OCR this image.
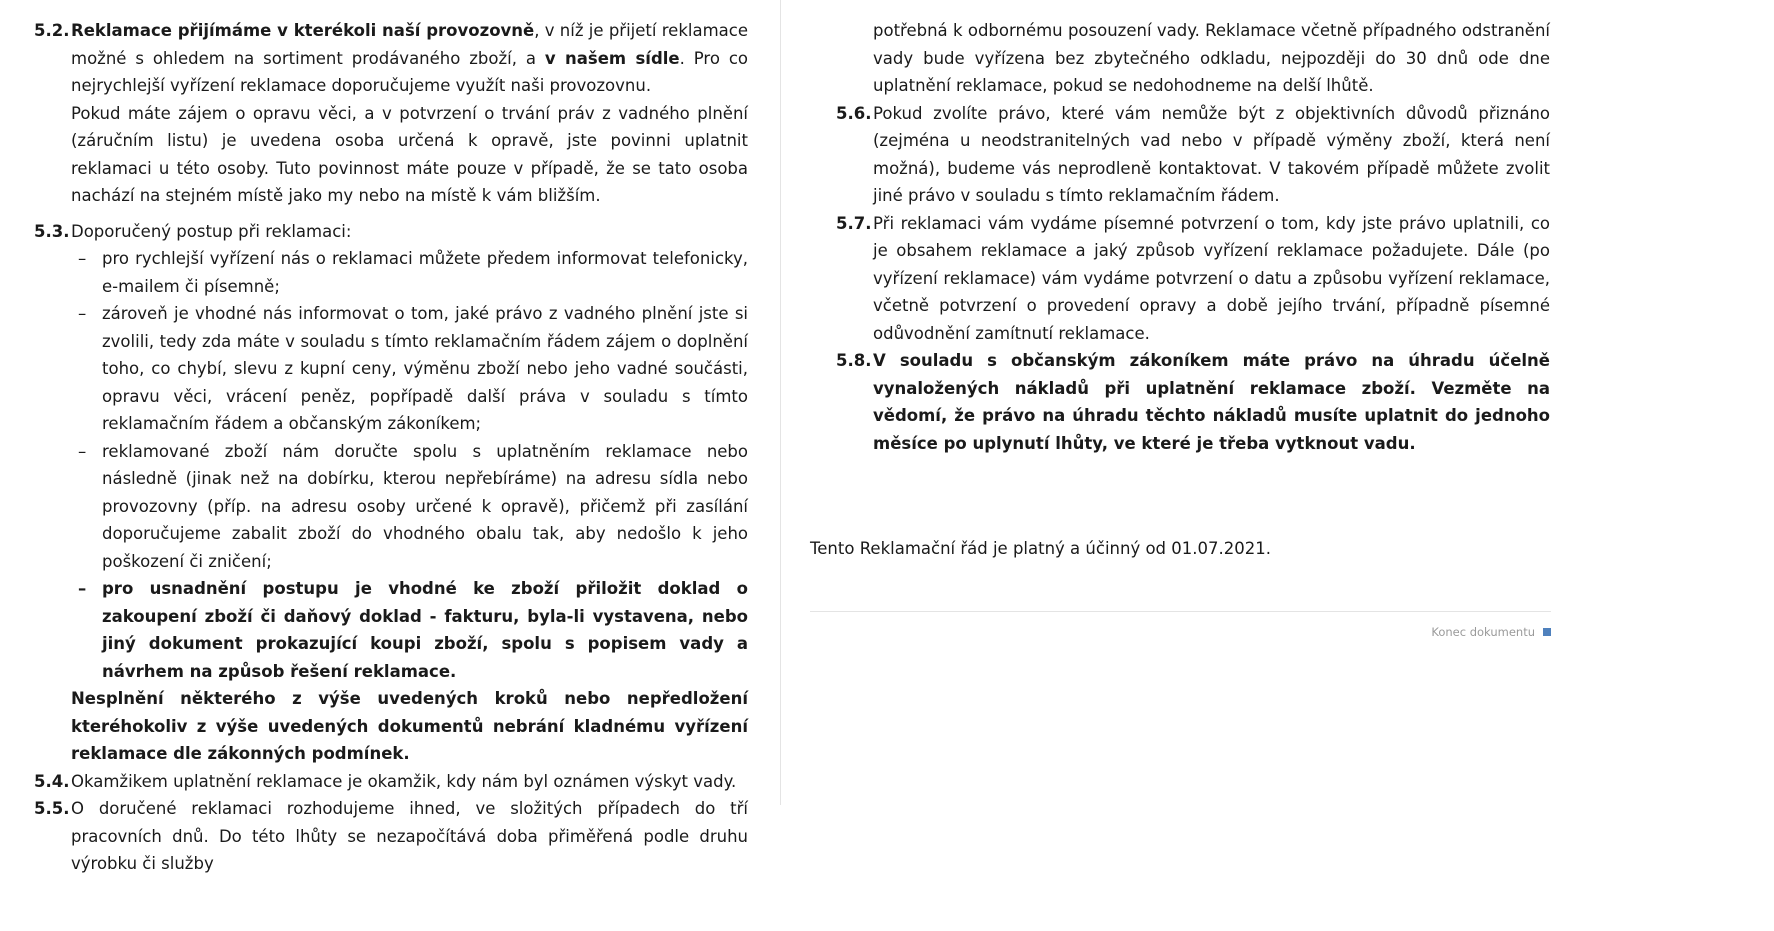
5.2. Reklamace přijímáme v kterékoli naší provozovně, v níž je přijetí reklamace možné s ohledem na sortiment prodávaného zboží, a v našem sídle. Pro co nejrychlejší vyřízení reklamace doporučujeme využít naši provozovnu.

Pokud máte zájem o opravu věci, a v potvrzení o trvání práv z vadného plnění (záručním listu) je uvedena osoba určená k opravě, jste povinni uplatnit reklamaci u této osoby. Tuto povinnost máte pouze v případě, že se tato osoba nachází na stejném místě jako my nebo na místě k vám bližším.

5.3. Doporučený postup při reklamaci:

– pro rychlejší vyřízení nás o reklamaci můžete předem informovat telefonicky, e-mailem či písemně;
– zároveň je vhodné nás informovat o tom, jaké právo z vadného plnění jste si zvolili, tedy zda máte v souladu s tímto reklamačním řádem zájem o doplnění toho, co chybí, slevu z kupní ceny, výměnu zboží nebo jeho vadné součásti, opravu věci, vrácení peněz, popřípadě další práva v souladu s tímto reklamačním řádem a občanským zákoníkem;
– reklamované zboží nám doručte spolu s uplatněním reklamace nebo následně (jinak než na dobírku, kterou nepřebíráme) na adresu sídla nebo provozovny (příp. na adresu osoby určené k opravě), přičemž při zasílání doporučujeme zabalit zboží do vhodného obalu tak, aby nedošlo k jeho poškození či zničení;
– pro usnadnění postupu je vhodné ke zboží přiložit doklad o zakoupení zboží či daňový doklad - fakturu, byla-li vystavena, nebo jiný dokument prokazující koupi zboží, spolu s popisem vady a návrhem na způsob řešení reklamace.

Nesplnění některého z výše uvedených kroků nebo nepředložení kteréhokoliv z výše uvedených dokumentů nebrání kladnému vyřízení reklamace dle zákonných podmínek.

5.4. Okamžikem uplatnění reklamace je okamžik, kdy nám byl oznámen výskyt vady.

5.5. O doručené reklamaci rozhodujeme ihned, ve složitých případech do tří pracovních dnů. Do této lhůty se nezapočítává doba přiměřená podle druhu výrobku či služby

potřebná k odbornému posouzení vady. Reklamace včetně případného odstranění vady bude vyřízena bez zbytečného odkladu, nejpozději do 30 dnů ode dne uplatnění reklamace, pokud se nedohodneme na delší lhůtě.
5.6. Pokud zvolíte právo, které vám nemůže být z objektivních důvodů přiznáno (zejména u neodstranitelných vad nebo v případě výměny zboží, která není možná), budeme vás neprodleně kontaktovat. V takovém případě můžete zvolit jiné právo v souladu s tímto reklamačním řádem.

5.7. Při reklamaci vám vydáme písemné potvrzení o tom, kdy jste právo uplatnili, co je obsahem reklamace a jaký způsob vyřízení reklamace požadujete. Dále (po vyřízení reklamace) vám vydáme potvrzení o datu a způsobu vyřízení reklamace, včetně potvrzení o provedení opravy a době jejího trvání, případně písemné odůvodnění zamítnutí reklamace.

5.8. V souladu s občanským zákoníkem máte právo na úhradu účelně vynaložených nákladů při uplatnění reklamace zboží. Vezměte na vědomí, že právo na úhradu těchto nákladů musíte uplatnit do jednoho měsíce po uplynutí lhůty, ve které je třeba vytknout vadu.

Tento Reklamační řád je platný a účinný od 01.07.2021.
Konec dokumentu
